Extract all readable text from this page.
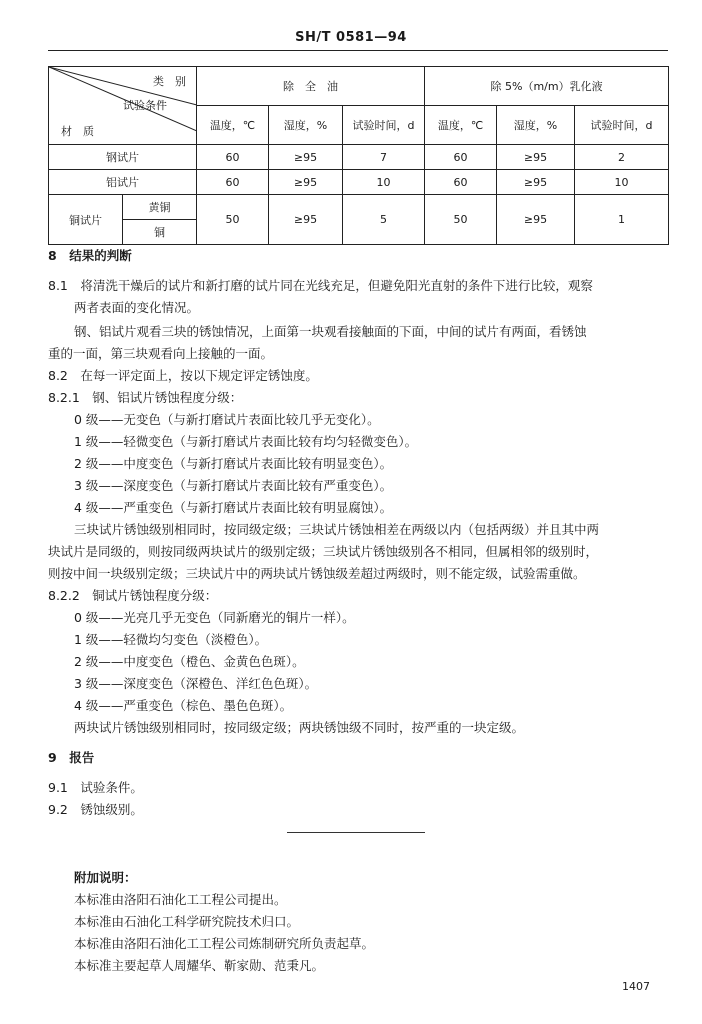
SH/T 0581—94
类　别
试验条件
材　质		除　全　油			除 5%（m/m）乳化液		
		温度，℃	湿度，%	试验时间，d	温度，℃	湿度，%	试验时间，d
钢试片		60	≥95	7	60	≥95	2
铝试片		60	≥95	10	60	≥95	10
铜试片	黄铜	50	≥95	5	50	≥95	1
	铜						
8　结果的判断
8.1　将清洗干燥后的试片和新打磨的试片同在光线充足，但避免阳光直射的条件下进行比较，观察
两者表面的变化情况。
钢、铝试片观看三块的锈蚀情况，上面第一块观看接触面的下面，中间的试片有两面，看锈蚀
重的一面，第三块观看向上接触的一面。
8.2　在每一评定面上，按以下规定评定锈蚀度。
8.2.1　钢、铝试片锈蚀程度分级：
0 级——无变色（与新打磨试片表面比较几乎无变化）。
1 级——轻微变色（与新打磨试片表面比较有均匀轻微变色）。
2 级——中度变色（与新打磨试片表面比较有明显变色）。
3 级——深度变色（与新打磨试片表面比较有严重变色）。
4 级——严重变色（与新打磨试片表面比较有明显腐蚀）。
三块试片锈蚀级别相同时，按同级定级；三块试片锈蚀相差在两级以内（包括两级）并且其中两
块试片是同级的，则按同级两块试片的级别定级；三块试片锈蚀级别各不相同，但属相邻的级别时，
则按中间一块级别定级；三块试片中的两块试片锈蚀级差超过两级时，则不能定级，试验需重做。
8.2.2　铜试片锈蚀程度分级：
0 级——光亮几乎无变色（同新磨光的铜片一样）。
1 级——轻微均匀变色（淡橙色）。
2 级——中度变色（橙色、金黄色色斑）。
3 级——深度变色（深橙色、洋红色色斑）。
4 级——严重变色（棕色、墨色色斑）。
两块试片锈蚀级别相同时，按同级定级；两块锈蚀级不同时，按严重的一块定级。
9　报告
9.1　试验条件。
9.2　锈蚀级别。
附加说明：
本标准由洛阳石油化工工程公司提出。
本标准由石油化工科学研究院技术归口。
本标准由洛阳石油化工工程公司炼制研究所负责起草。
本标准主要起草人周耀华、靳家勋、范秉凡。
1407
